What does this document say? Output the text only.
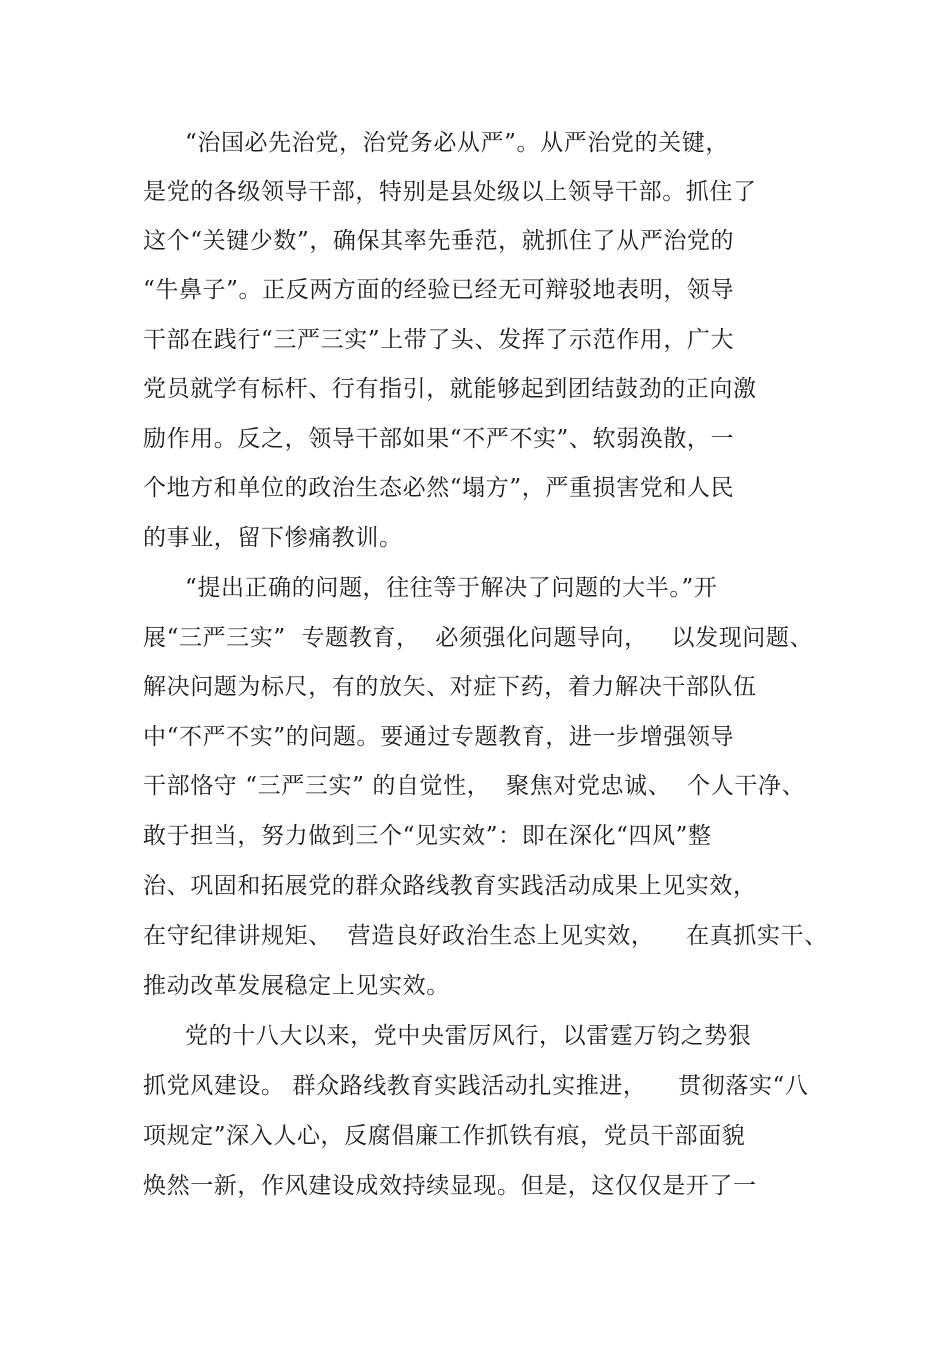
“治国必先治党，治党务必从严”。从严治党的关键，
是党的各级领导干部，特别是县处级以上领导干部。抓住了
这个“关键少数”，确保其率先垂范，就抓住了从严治党的
“牛鼻子”。正反两方面的经验已经无可辩驳地表明，领导
干部在践行“三严三实”上带了头、发挥了示范作用，广大
党员就学有标杆、行有指引，就能够起到团结鼓劲的正向激
励作用。反之，领导干部如果“不严不实”、软弱涣散，一
个地方和单位的政治生态必然“塌方”，严重损害党和人民
的事业，留下惨痛教训。
“提出正确的问题，往往等于解决了问题的大半。”开
展“三严三实”  专题教育，  必须强化问题导向，   以发现问题、
解决问题为标尺，有的放矢、对症下药，着力解决干部队伍
中“不严不实”的问题。要通过专题教育，进一步增强领导
干部恪守 “三严三实” 的自觉性，  聚焦对党忠诚、  个人干净、
敢于担当，努力做到三个“见实效”：即在深化“四风”整
治、巩固和拓展党的群众路线教育实践活动成果上见实效，
在守纪律讲规矩、  营造良好政治生态上见实效，    在真抓实干、
推动改革发展稳定上见实效。
党的十八大以来，党中央雷厉风行，以雷霆万钧之势狠
抓党风建设。 群众路线教育实践活动扎实推进，    贯彻落实“八
项规定”深入人心，反腐倡廉工作抓铁有痕，党员干部面貌
焕然一新，作风建设成效持续显现。但是，这仅仅是开了一
